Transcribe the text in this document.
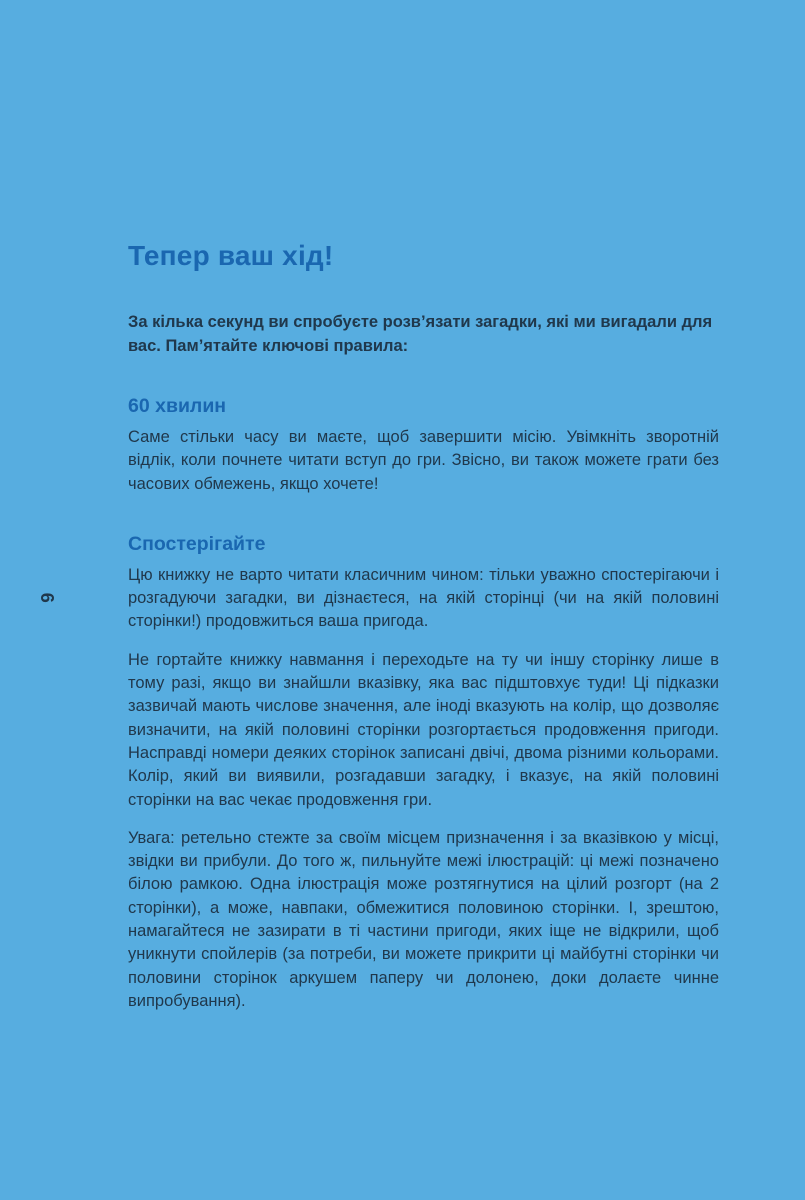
6
Тепер ваш хід!

За кілька секунд ви спробуєте розв’язати загадки, які ми вигадали для вас. Пам’ятайте ключові правила:

60 хвилин

Саме стільки часу ви маєте, щоб завершити місію. Увімкніть зворотній відлік, коли почнете читати вступ до гри. Звісно, ви також можете грати без часових обмежень, якщо хочете!

Спостерігайте

Цю книжку не варто читати класичним чином: тільки уважно спостерігаючи і розгадуючи загадки, ви дізнаєтеся, на якій сторінці (чи на якій половині сторінки!) продовжиться ваша пригода.

Не гортайте книжку навмання і переходьте на ту чи іншу сторінку лише в тому разі, якщо ви знайшли вказівку, яка вас підштовхує туди! Ці підказки зазвичай мають числове значення, але іноді вказують на колір, що дозволяє визначити, на якій половині сторінки розгортається продовження пригоди. Насправді номери деяких сторінок записані двічі, двома різними кольорами. Колір, який ви виявили, розгадавши загадку, і вказує, на якій половині сторінки на вас чекає продовження гри.

Увага: ретельно стежте за своїм місцем призначення і за вказівкою у місці, звідки ви прибули. До того ж, пильнуйте межі ілюстрацій: ці межі позначено білою рамкою. Одна ілюстрація може розтягнутися на цілий розгорт (на 2 сторінки), а може, навпаки, обмежитися половиною сторінки. І, зрештою, намагайтеся не зазирати в ті частини пригоди, яких іще не відкрили, щоб уникнути спойлерів (за потреби, ви можете прикрити ці майбутні сторінки чи половини сторінок аркушем паперу чи долонею, доки долаєте чинне випробування).
